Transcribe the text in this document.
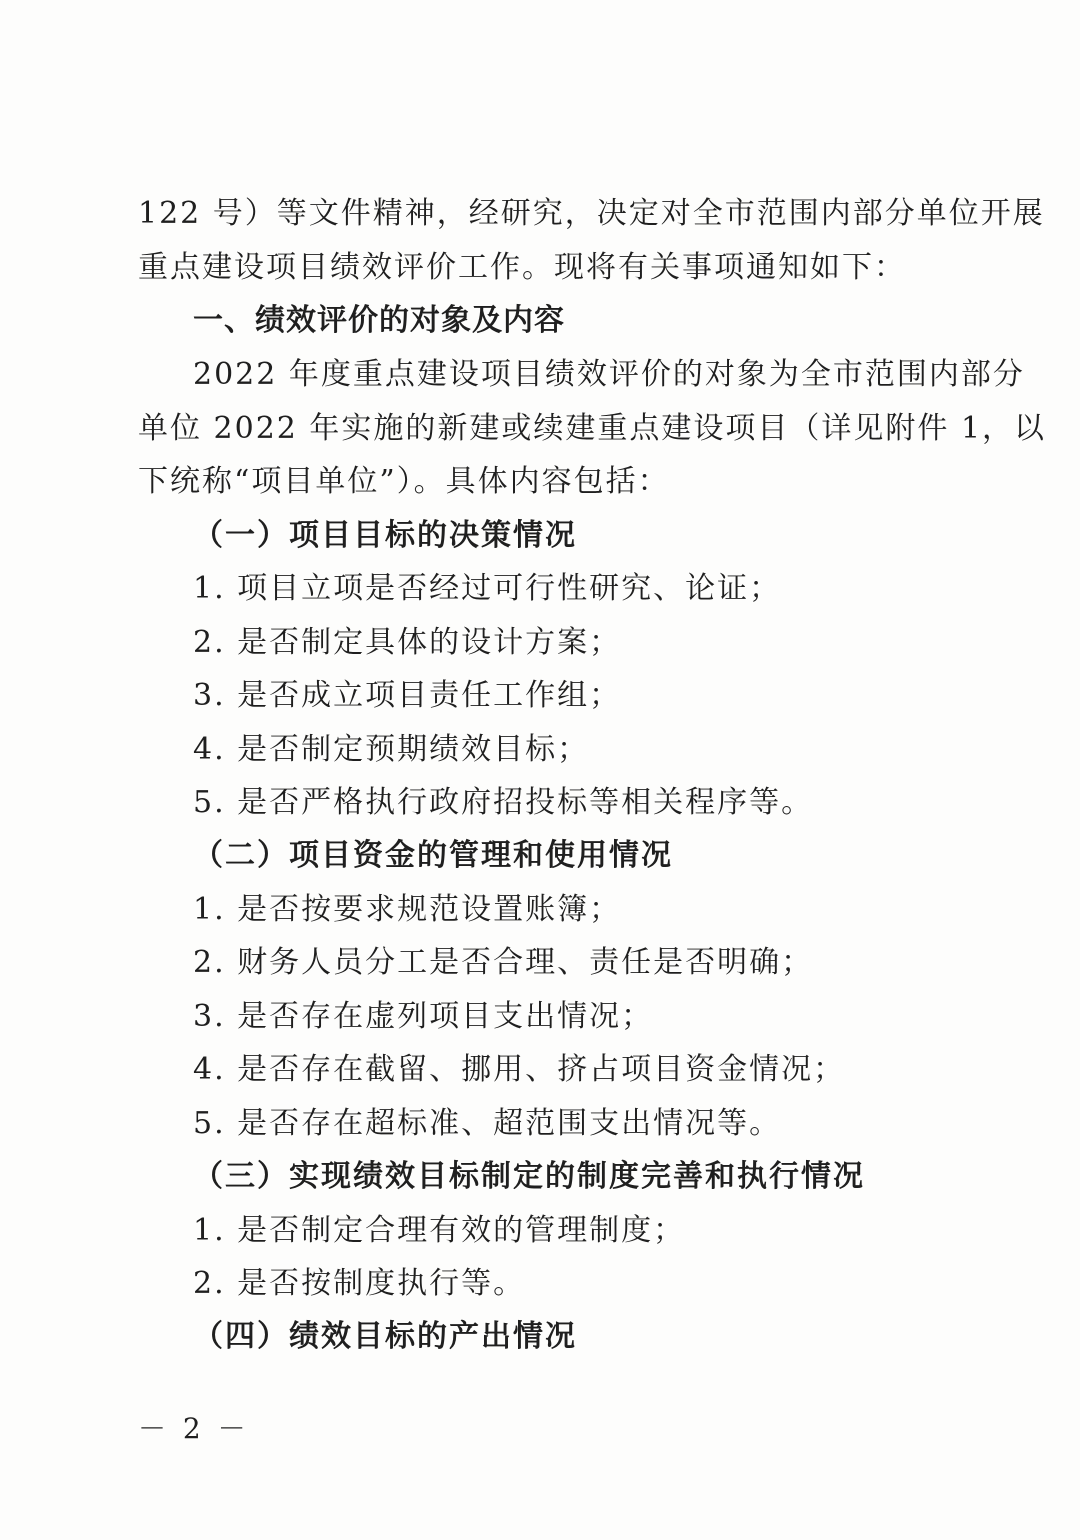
122 号）等文件精神，经研究，决定对全市范围内部分单位开展
重点建设项目绩效评价工作。现将有关事项通知如下：
一、绩效评价的对象及内容
2022 年度重点建设项目绩效评价的对象为全市范围内部分
单位 2022 年实施的新建或续建重点建设项目（详见附件 1，以
下统称“项目单位”）。具体内容包括：
（一）项目目标的决策情况
1. 项目立项是否经过可行性研究、论证；
2. 是否制定具体的设计方案；
3. 是否成立项目责任工作组；
4. 是否制定预期绩效目标；
5. 是否严格执行政府招投标等相关程序等。
（二）项目资金的管理和使用情况
1. 是否按要求规范设置账簿；
2. 财务人员分工是否合理、责任是否明确；
3. 是否存在虚列项目支出情况；
4. 是否存在截留、挪用、挤占项目资金情况；
5. 是否存在超标准、超范围支出情况等。
（三）实现绩效目标制定的制度完善和执行情况
1. 是否制定合理有效的管理制度；
2. 是否按制度执行等。
（四）绩效目标的产出情况
－ 2 －
